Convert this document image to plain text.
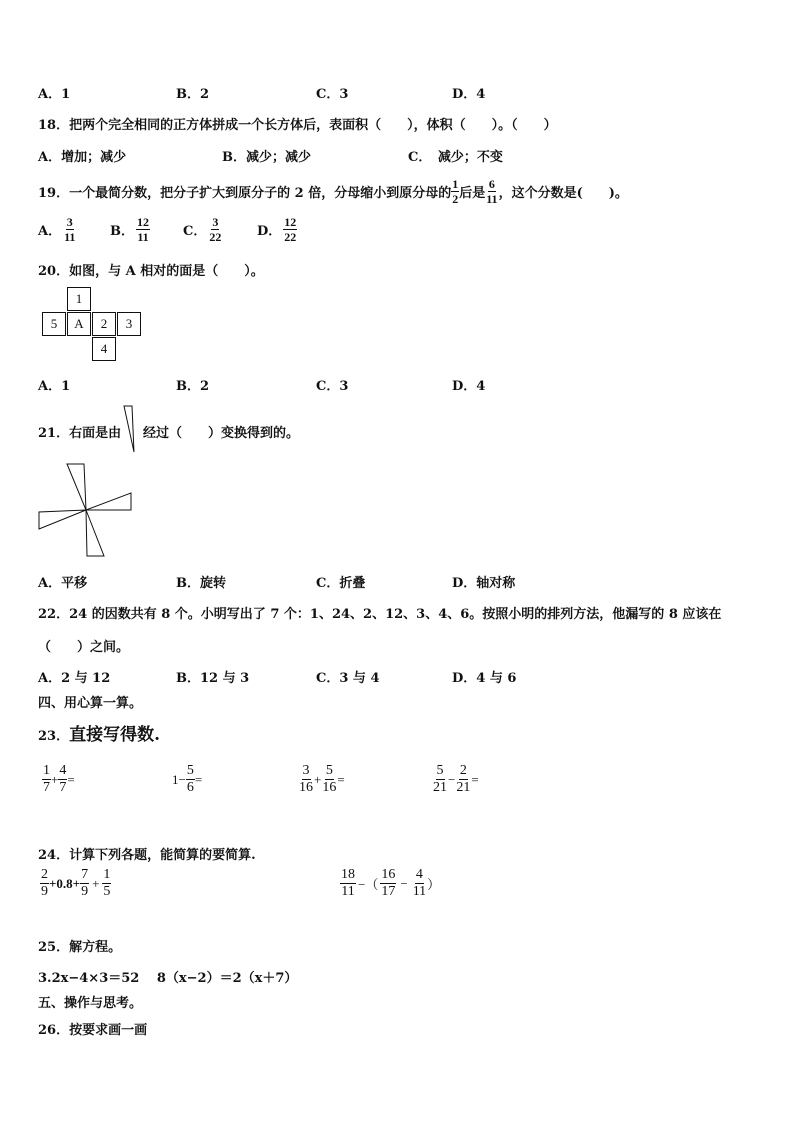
A．1	B．2	C．3	D．4
18．把两个完全相同的正方体拼成一个长方体后，表面积（　　），体积（　　）。（　　）
A．增加；减少	B．减少；减少	C．　减少；不变
19．一个最简分数，把分子扩大到原分子的 2 倍，分母缩小到原分母的 $\frac{1}{2}$ 后是 $\frac{6}{11}$ ，这个分数是(　　)。
A． $\frac{3}{11}$	B． $\frac{12}{11}$	C． $\frac{3}{22}$	D． $\frac{12}{22}$
20．如图，与 A 相对的面是（　　）。
1
5	A	2	3
4
A．1	B．2	C．3	D．4
21．右面是由 经过（　　）变换得到的。
A．平移	B．旋转	C．折叠	D．轴对称
22．24 的因数共有 8 个。小明写出了 7 个：1、24、2、12、3、4、6。按照小明的排列方法，他漏写的 8 应该在
（　　）之间。
A．2 与 12	B．12 与 3	C．3 与 4	D．4 与 6
四、用心算一算。
23． 直接写得数.
$\frac{1}{7} + \frac{4}{7}$ =	$1- \frac{5}{6}$ =	$\frac{3}{16} + \frac{5}{16}$ =	$\frac{5}{21} - \frac{2}{21}$ =
24．计算下列各题，能简算的要简算.
$\frac{2}{9} +0.8+ \frac{7}{9} + \frac{1}{5}$	$\frac{18}{11}$ −（ $\frac{16}{17} - \frac{4}{11}$ ）
25．解方程。
3.2x−4×3＝52　 8（x−2）＝2（x＋7）
五、操作与思考。
26．按要求画一画
